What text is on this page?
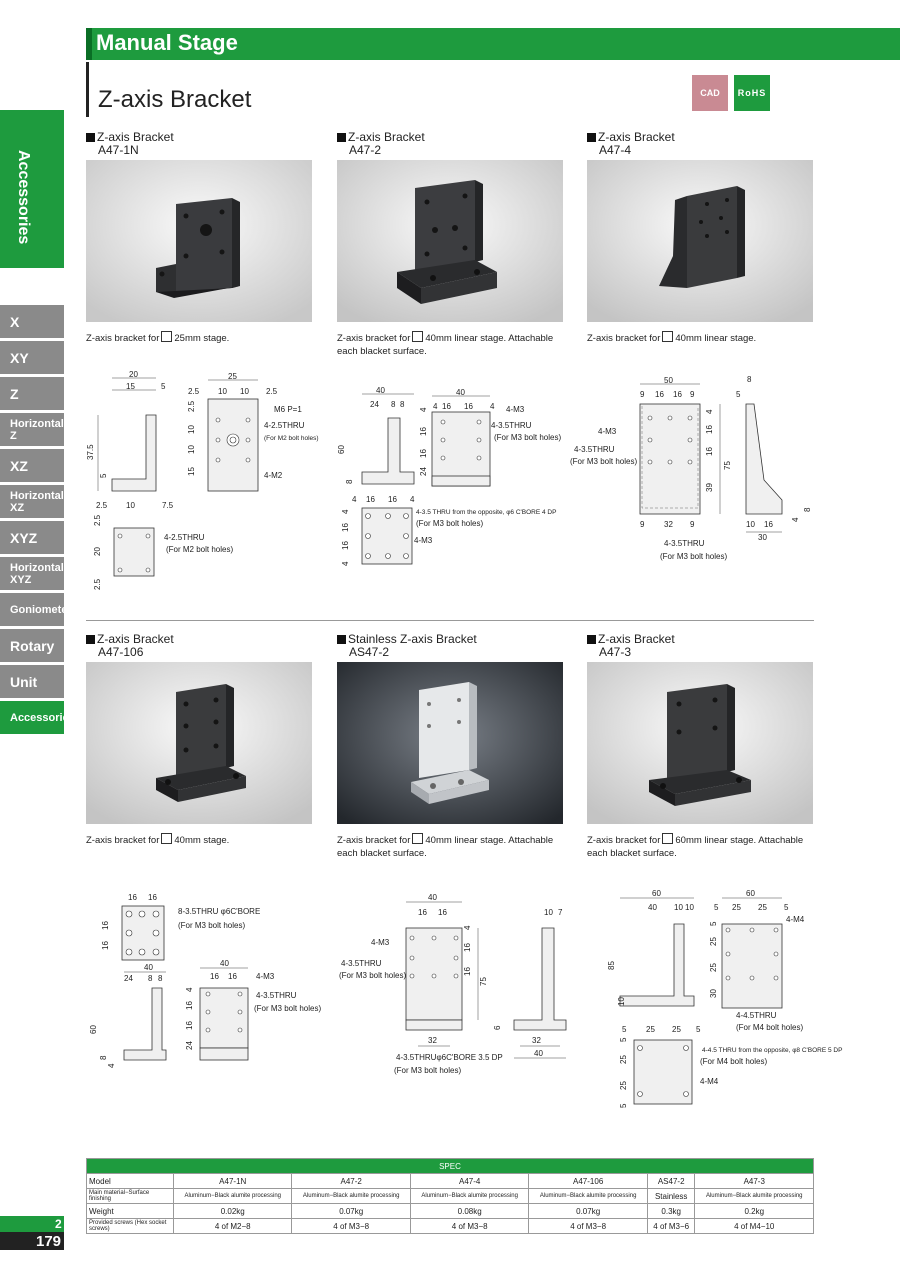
Manual Stage
Z-axis Bracket	CAD	RoHS
Accessories
X
XY
Z
Horizontal Z
XZ
Horizontal XZ
XYZ
Horizontal XYZ
Goniometer
Rotary
Unit
Accessories
Z-axis Bracket
A47-1N
Z-axis bracket for 25mm stage.
Z-axis Bracket
A47-2
Z-axis bracket for 40mm linear stage. Attachable each blacket surface.
Z-axis Bracket
A47-4
Z-axis bracket for 40mm linear stage.
20
15	5
37.5
5
25
2.5 10 10 2.5
2.5
10
10
15
M6 P=1
4-2.5THRU
(For M2 bolt holes)
4-M2
2.5 10	7.5
2.5
20
2.5
4-2.5THRU
(For M2 bolt holes)
40
24 8 8
60
8
40
4 16 16 4
4
16
16
24
4-M3
4-3.5THRU
(For M3 bolt holes)
4 16 16 4
4
16
16
4
4-3.5 THRU from the opposite, φ6 C'BORE 4 DP
(For M3 bolt holes)
4-M3
50
9 16 16 9
4
16
16
39
75
9 32 9
4-M3
4-3.5THRU
(For M3 bolt holes)
4-3.5THRU
(For M3 bolt holes)
8
5
4
8
10 16
30
Z-axis Bracket
A47-106
Z-axis bracket for 40mm stage.
Stainless Z-axis Bracket
AS47-2
Z-axis bracket for 40mm linear stage. Attachable each blacket surface.
Z-axis Bracket
A47-3
Z-axis bracket for 60mm linear stage. Attachable each blacket surface.
16 16
16
16
8-3.5THRU φ6C'BORE
(For M3 bolt holes)
40
24 8 8
60
8
4
40
16 16
4
16
16
24
4-M3
4-3.5THRU
(For M3 bolt holes)
40
16 16
4
16
16
75
32
4-M3
4-3.5THRU
(For M3 bolt holes)
4-3.5THRUφ6C'BORE 3.5 DP
(For M3 bolt holes)
10 7
6
32
40
60
40 10 10
85
10
60
5 25 25 5
5
25
25
30
4-M4
4-4.5THRU
(For M4 bolt holes)
5 25 25 5
5
25
25
5
4-4.5 THRU from the opposite, φ8 C'BORE 5 DP
(For M4 bolt holes)
4-M4
SPEC						
Model	A47-1N	A47-2	A47-4	A47-106	AS47-2	A47-3
Main material−Surface finishing	Aluminum−Black alumite processing	Aluminum−Black alumite processing	Aluminum−Black alumite processing	Aluminum−Black alumite processing	Stainless	Aluminum−Black alumite processing
Weight	0.02kg	0.07kg	0.08kg	0.07kg	0.3kg	0.2kg
Provided screws (Hex socket screws)	4 of M2−8	4 of M3−8	4 of M3−8	4 of M3−8	4 of M3−6	4 of M4−10
2
179
